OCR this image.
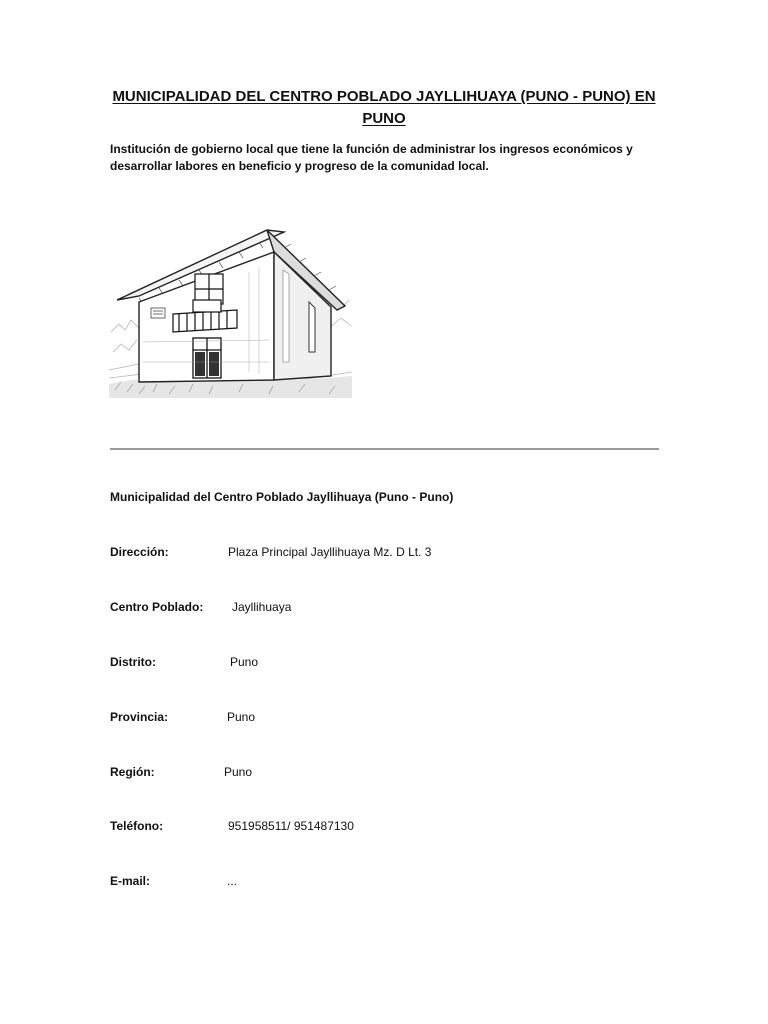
MUNICIPALIDAD DEL CENTRO POBLADO JAYLLIHUAYA (PUNO - PUNO) EN PUNO
Institución de gobierno local que tiene la función de administrar los ingresos económicos y desarrollar labores en beneficio y progreso de la comunidad local.
Municipalidad del Centro Poblado Jayllihuaya (Puno - Puno)
Dirección:	Plaza Principal Jayllihuaya Mz. D Lt. 3
Centro Poblado: Jayllihuaya
Distrito:	Puno
Provincia:	Puno
Región:	Puno
Teléfono:	951958511/ 951487130
E-mail:	...
